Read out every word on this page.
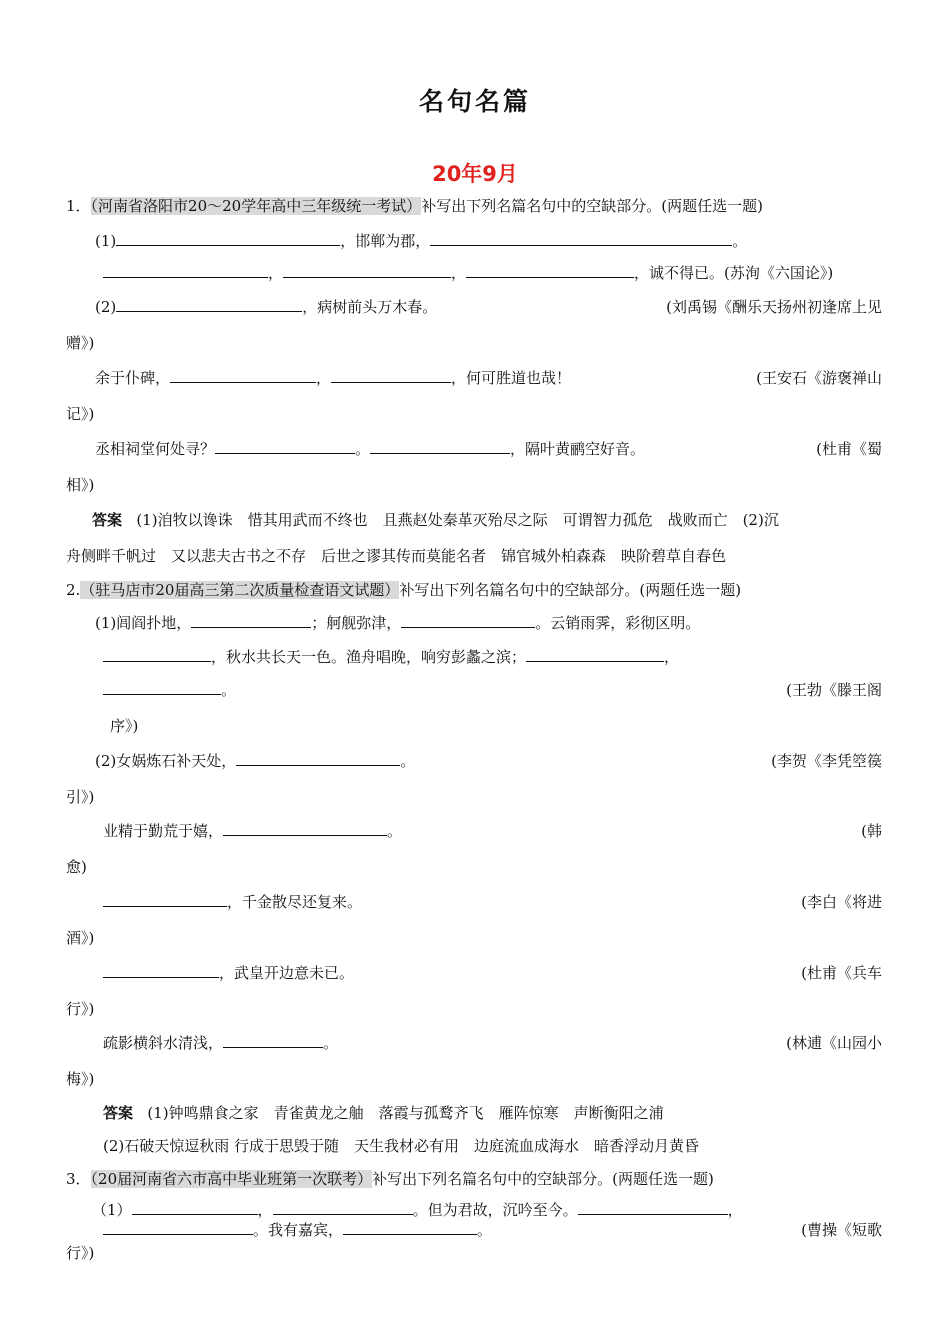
名句名篇
20年9月
1．（河南省洛阳市20～20学年高中三年级统一考试）补写出下列名篇名句中的空缺部分。(两题任选一题)
(1)	，邯郸为郡，	。
，	，	，诚不得已。(苏洵《六国论》)
(2)	，病树前头万木春。	(刘禹锡《酬乐天扬州初逢席上见
赠》)
余于仆碑，	，	，何可胜道也哉！	(王安石《游褒禅山
记》)
丞相祠堂何处寻？	。	，隔叶黄鹂空好音。	(杜甫《蜀
相》)
答案 (1)洎牧以谗诛　惜其用武而不终也　且燕赵处秦革灭殆尽之际　可谓智力孤危　战败而亡　(2)沉
舟侧畔千帆过　又以悲夫古书之不存　后世之谬其传而莫能名者　锦官城外柏森森　映阶碧草自春色
2.（驻马店市20届高三第二次质量检查语文试题）补写出下列名篇名句中的空缺部分。(两题任选一题)
(1)闾阎扑地，	；舸舰弥津，	。云销雨霁，彩彻区明。
，秋水共长天一色。渔舟唱晚，响穷彭蠡之滨；	，
。	(王勃《滕王阁
序》)
(2)女娲炼石补天处，	。	(李贺《李凭箜篌
引》)
业精于勤荒于嬉，	。	(韩
愈)
，千金散尽还复来。	(李白《将进
酒》)
，武皇开边意未已。	(杜甫《兵车
行》)
疏影横斜水清浅，	。	(林逋《山园小
梅》)
答案 (1)钟鸣鼎食之家　青雀黄龙之舳　落霞与孤鹜齐飞　雁阵惊寒　声断衡阳之浦
(2)石破天惊逗秋雨 行成于思毁于随　天生我材必有用　边庭流血成海水　暗香浮动月黄昏
3．（20届河南省六市高中毕业班第一次联考）补写出下列名篇名句中的空缺部分。(两题任选一题)
（1）	，	。但为君故，沉吟至今。	，
。我有嘉宾，	。	(曹操《短歌
行》)
